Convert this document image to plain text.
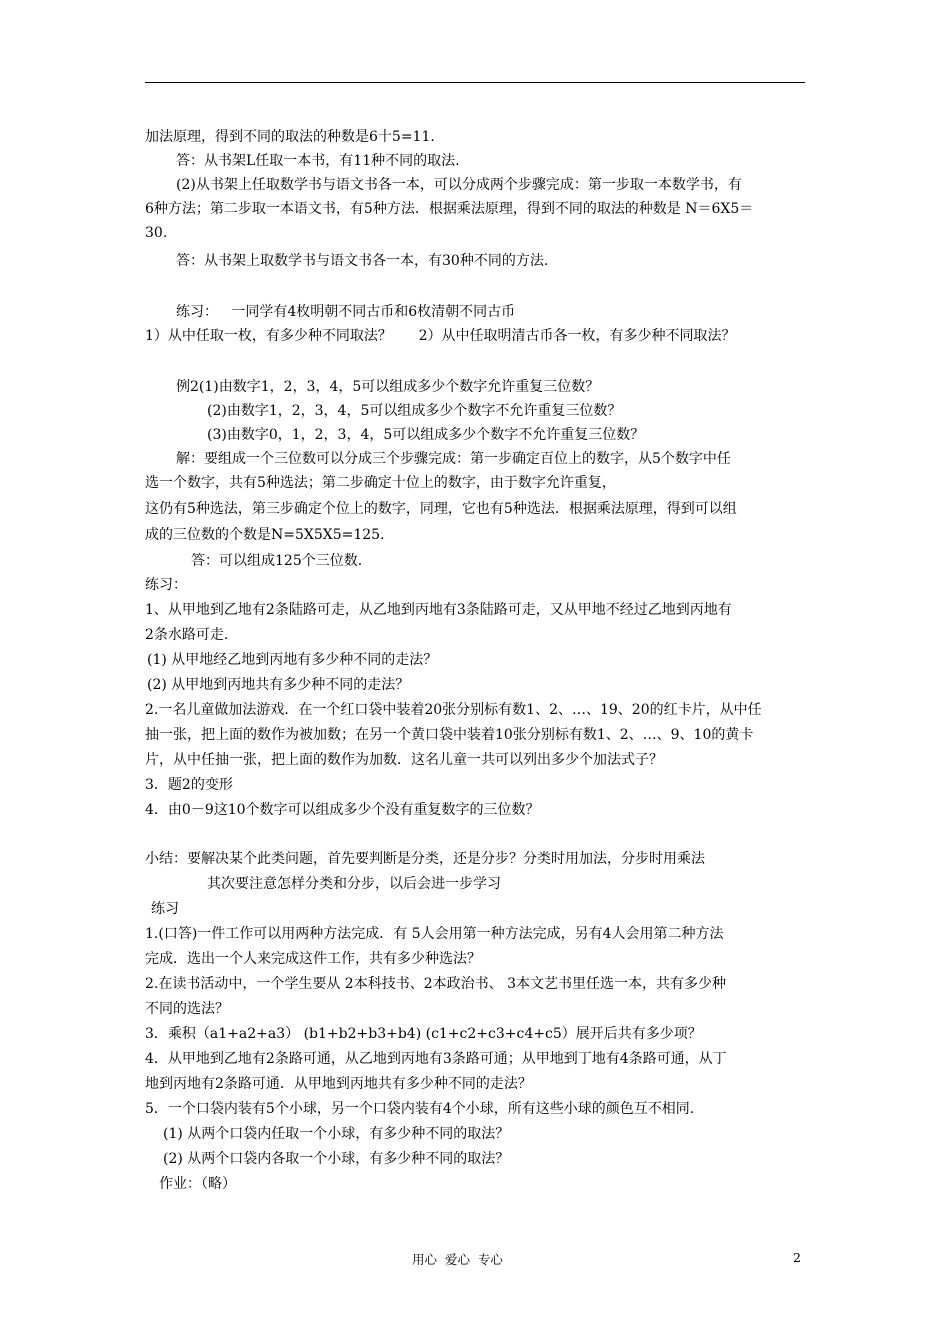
加法原理，得到不同的取法的种数是6十5=11.
答：从书架L任取一本书，有11种不同的取法.
(2)从书架上任取数学书与语文书各一本，可以分成两个步骤完成：第一步取一本数学书，有
6种方法；第二步取一本语文书，有5种方法．根据乘法原理，得到不同的取法的种数是 N＝6X5＝
30.
答：从书架上取数学书与语文书各一本，有30种不同的方法.
练习：   一同学有4枚明朝不同古币和6枚清朝不同古币
1）从中任取一枚，有多少种不同取法？      2）从中任取明清古币各一枚，有多少种不同取法？
例2(1)由数字1，2，3，4，5可以组成多少个数字允许重复三位数？
(2)由数字1，2，3，4，5可以组成多少个数字不允许重复三位数？
(3)由数字0，1，2，3，4，5可以组成多少个数字不允许重复三位数？
解：要组成一个三位数可以分成三个步骤完成：第一步确定百位上的数字，从5个数字中任
选一个数字，共有5种选法；第二步确定十位上的数字，由于数字允许重复，
这仍有5种选法，第三步确定个位上的数字，同理，它也有5种选法．根据乘法原理，得到可以组
成的三位数的个数是N=5X5X5=125.
答：可以组成125个三位数.
练习：
1、从甲地到乙地有2条陆路可走，从乙地到丙地有3条陆路可走，又从甲地不经过乙地到丙地有
2条水路可走.
(1) 从甲地经乙地到丙地有多少种不同的走法？
(2) 从甲地到丙地共有多少种不同的走法？
2.一名儿童做加法游戏．在一个红口袋中装着20张分别标有数1、2、…、19、20的红卡片，从中任
抽一张，把上面的数作为被加数；在另一个黄口袋中装着10张分别标有数1、2、…、9、10的黄卡
片，从中任抽一张，把上面的数作为加数．这名儿童一共可以列出多少个加法式子？
3．题2的变形
4．由0－9这10个数字可以组成多少个没有重复数字的三位数？
小结：要解决某个此类问题，首先要判断是分类，还是分步？分类时用加法，分步时用乘法
其次要注意怎样分类和分步，以后会进一步学习
练习
1.(口答)一件工作可以用两种方法完成．有 5人会用第一种方法完成，另有4人会用第二种方法
完成．选出一个人来完成这件工作，共有多少种选法？
2.在读书活动中，一个学生要从 2本科技书、2本政治书、 3本文艺书里任选一本，共有多少种
不同的选法？
3．乘积（a1+a2+a3） (b1+b2+b3+b4) (c1+c2+c3+c4+c5）展开后共有多少项？
4．从甲地到乙地有2条路可通，从乙地到丙地有3条路可通；从甲地到丁地有4条路可通，从丁
地到丙地有2条路可通．从甲地到丙地共有多少种不同的走法？
5．一个口袋内装有5个小球，另一个口袋内装有4个小球，所有这些小球的颜色互不相同.
(1) 从两个口袋内任取一个小球，有多少种不同的取法？
(2) 从两个口袋内各取一个小球，有多少种不同的取法？
作业：（略）
用心  爱心  专心	2
